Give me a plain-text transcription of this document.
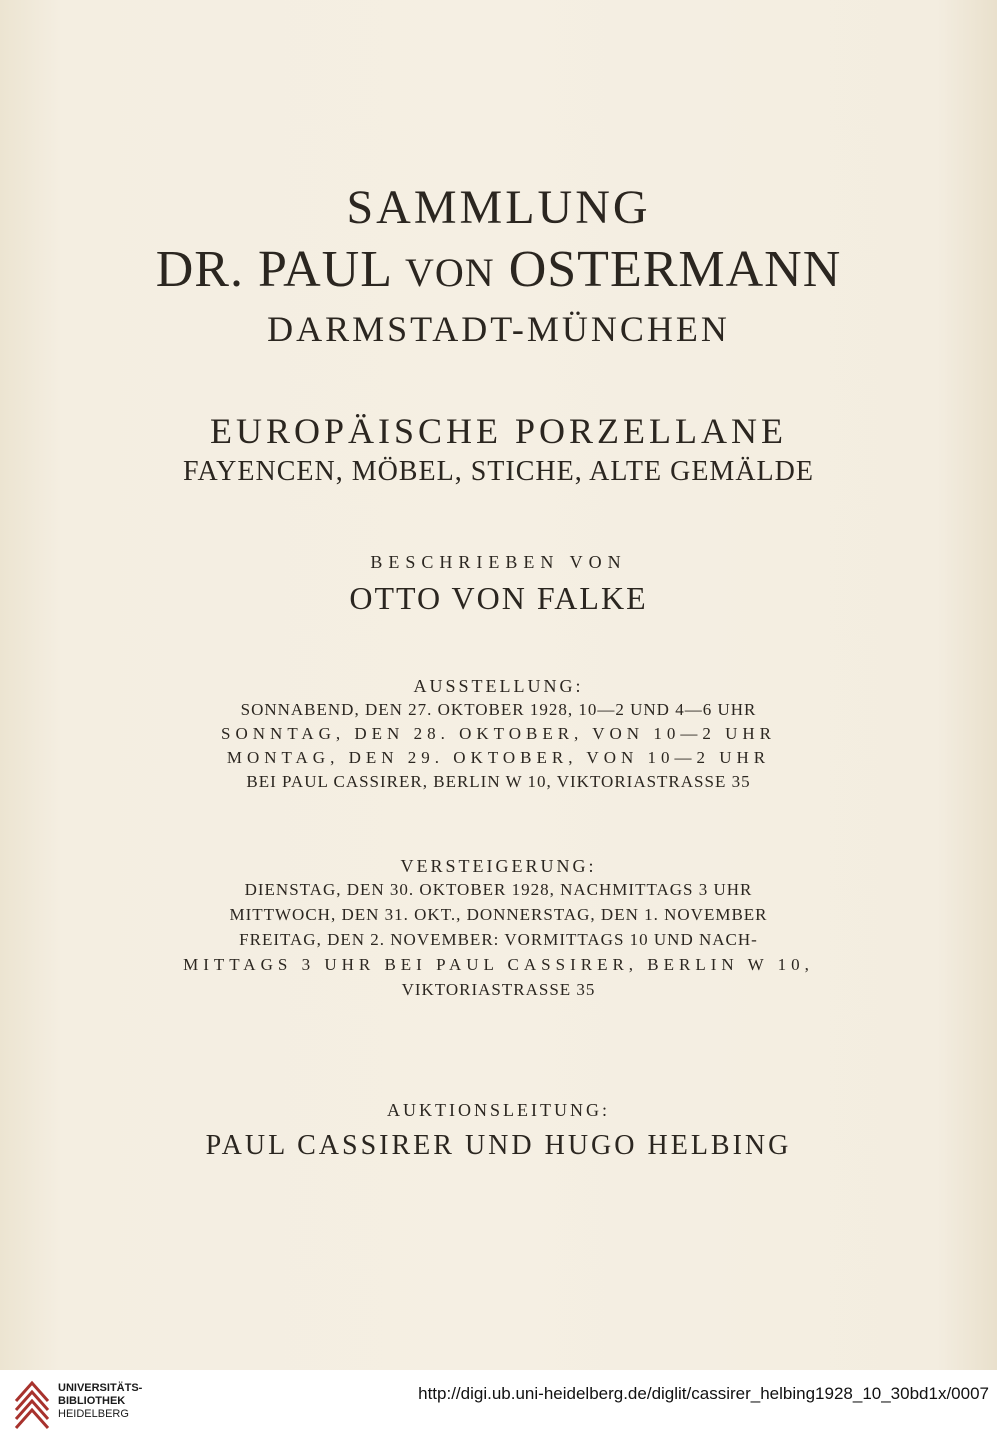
SAMMLUNG
DR. PAUL VON OSTERMANN
DARMSTADT-MÜNCHEN
EUROPÄISCHE PORZELLANE
FAYENCEN, MÖBEL, STICHE, ALTE GEMÄLDE
BESCHRIEBEN VON
OTTO VON FALKE
AUSSTELLUNG:
SONNABEND, DEN 27. OKTOBER 1928, 10—2 UND 4—6 UHR
SONNTAG, DEN 28. OKTOBER, VON 10—2 UHR
MONTAG, DEN 29. OKTOBER, VON 10—2 UHR
BEI PAUL CASSIRER, BERLIN W 10, VIKTORIASTRASSE 35
VERSTEIGERUNG:
DIENSTAG, DEN 30. OKTOBER 1928, NACHMITTAGS 3 UHR
MITTWOCH, DEN 31. OKT., DONNERSTAG, DEN 1. NOVEMBER
FREITAG, DEN 2. NOVEMBER: VORMITTAGS 10 UND NACH-
MITTAGS 3 UHR BEI PAUL CASSIRER, BERLIN W 10,
VIKTORIASTRASSE 35
AUKTIONSLEITUNG:
PAUL CASSIRER UND HUGO HELBING
UNIVERSITÄTS-
BIBLIOTHEK
HEIDELBERG
http://digi.ub.uni-heidelberg.de/diglit/cassirer_helbing1928_10_30bd1x/0007
